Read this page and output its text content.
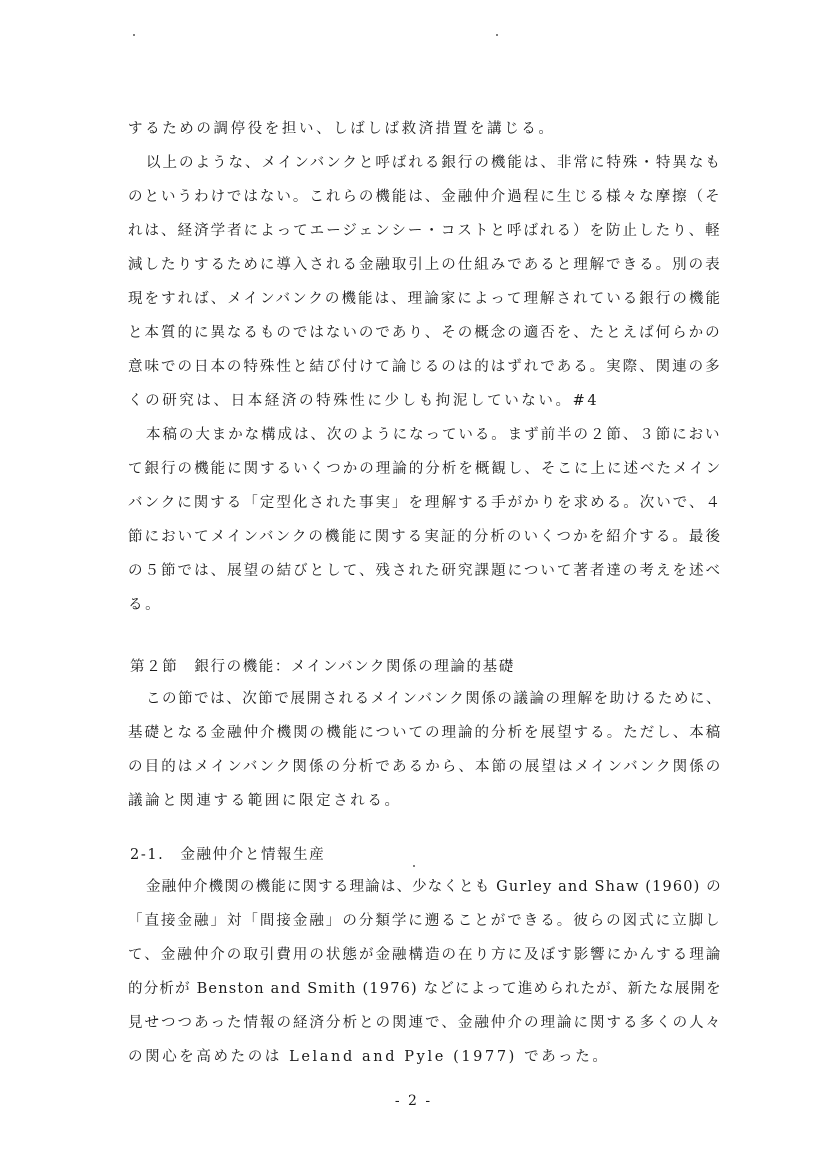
するための調停役を担い、しばしば救済措置を講じる。
以上のような、メインバンクと呼ばれる銀行の機能は、非常に特殊・特異なも
のというわけではない。これらの機能は、金融仲介過程に生じる様々な摩擦（そ
れは、経済学者によってエージェンシー・コストと呼ばれる）を防止したり、軽
減したりするために導入される金融取引上の仕組みであると理解できる。別の表
現をすれば、メインバンクの機能は、理論家によって理解されている銀行の機能
と本質的に異なるものではないのであり、その概念の適否を、たとえば何らかの
意味での日本の特殊性と結び付けて論じるのは的はずれである。実際、関連の多
くの研究は、日本経済の特殊性に少しも拘泥していない。#4
本稿の大まかな構成は、次のようになっている。まず前半の２節、３節におい
て銀行の機能に関するいくつかの理論的分析を概観し、そこに上に述べたメイン
バンクに関する「定型化された事実」を理解する手がかりを求める。次いで、４
節においてメインバンクの機能に関する実証的分析のいくつかを紹介する。最後
の５節では、展望の結びとして、残された研究課題について著者達の考えを述べ
る。
第２節　銀行の機能：メインバンク関係の理論的基礎
この節では、次節で展開されるメインバンク関係の議論の理解を助けるために、
基礎となる金融仲介機関の機能についての理論的分析を展望する。ただし、本稿
の目的はメインバンク関係の分析であるから、本節の展望はメインバンク関係の
議論と関連する範囲に限定される。
2-1.　金融仲介と情報生産
金融仲介機関の機能に関する理論は、少なくとも Gurley and Shaw (1960) の
「直接金融」対「間接金融」の分類学に遡ることができる。彼らの図式に立脚し
て、金融仲介の取引費用の状態が金融構造の在り方に及ぼす影響にかんする理論
的分析が Benston and Smith (1976) などによって進められたが、新たな展開を
見せつつあった情報の経済分析との関連で、金融仲介の理論に関する多くの人々
の関心を高めたのは Leland and Pyle (1977) であった。
- 2 -
